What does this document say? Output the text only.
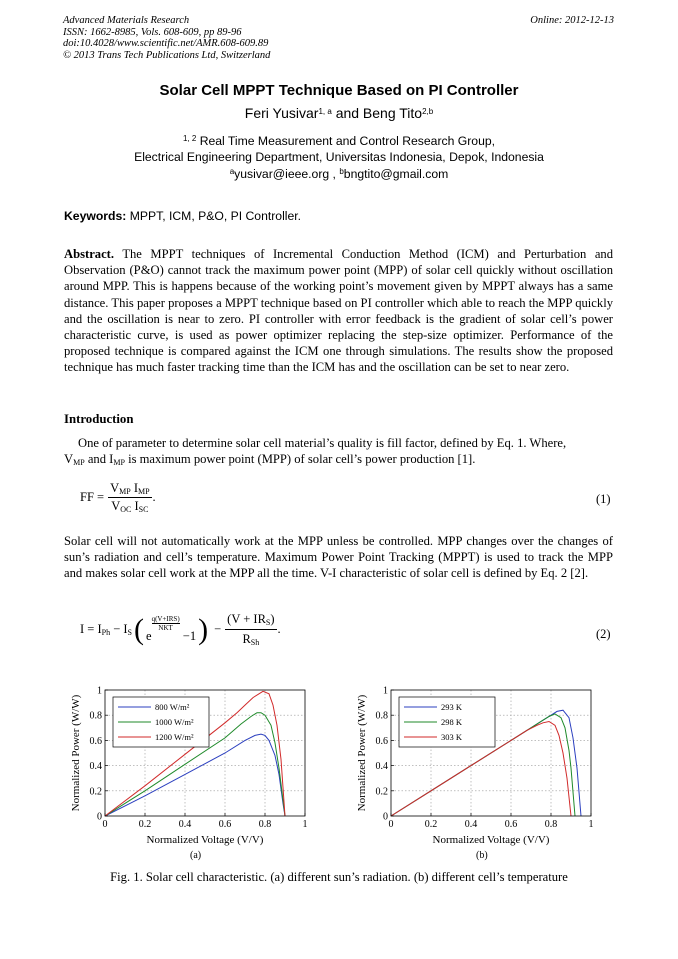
Advanced Materials Research
ISSN: 1662-8985, Vols. 608-609, pp 89-96
doi:10.4028/www.scientific.net/AMR.608-609.89
© 2013 Trans Tech Publications Ltd, Switzerland
Online: 2012-12-13
Solar Cell MPPT Technique Based on PI Controller
Feri Yusivar$^{1, a}$ and Beng Tito$^{2,b}$
$^{1, 2}$ Real Time Measurement and Control Research Group,
Electrical Engineering Department, Universitas Indonesia, Depok, Indonesia
$^a$yusivar@ieee.org , $^b$bngtito@gmail.com
Keywords: MPPT, ICM, P&O, PI Controller.
Abstract. The MPPT techniques of Incremental Conduction Method (ICM) and Perturbation and Observation (P&O) cannot track the maximum power point (MPP) of solar cell quickly without oscillation around MPP. This is happens because of the working point’s movement given by MPPT always has a same distance. This paper proposes a MPPT technique based on PI controller which able to reach the MPP quickly and the oscillation is near to zero. PI controller with error feedback is the gradient of solar cell’s power characteristic curve, is used as power optimizer replacing the step-size optimizer. Performance of the proposed technique is compared against the ICM one through simulations. The results show the proposed technique has much faster tracking time than the ICM has and the oscillation can be set to near zero.
Introduction
One of parameter to determine solar cell material’s quality is fill factor, defined by Eq. 1. Where,
$V_{MP}$ and $I_{MP}$ is maximum power point (MPP) of solar cell’s power production [1].
FF =	$V_{MP}$ $I_{MP}$	.
$V_{OC}$ $I_{SC}$
(1)
Solar cell will not automatically work at the MPP unless be controlled. MPP changes over the changes of sun’s radiation and cell’s temperature. Maximum Power Point Tracking (MPPT) is used to track the MPP and makes solar cell work at the MPP all the time. V-I characteristic of solar cell is defined by Eq. 2 [2].
$I = I_{Ph} - I_S$	(	e
q(V+IRS)
NKT
−1	)	−	$(V + IR_S)$	.
$R_{Sh}$
(2)
0	0.2	0.4	0.6	0.8	1
0
0.2
0.4
0.6
0.8
1
800 W/m²
1000 W/m²
1200 W/m²
Normalized Voltage (V/V)
Normalized Power (W/W)
0	0.2	0.4	0.6	0.8	1
0
0.2
0.4
0.6
0.8
1
293 K
298 K
303 K
Normalized Voltage (V/V)
Normalized Power (W/W)
(a)	(b)
Fig. 1. Solar cell characteristic. (a) different sun’s radiation. (b) different cell’s temperature
